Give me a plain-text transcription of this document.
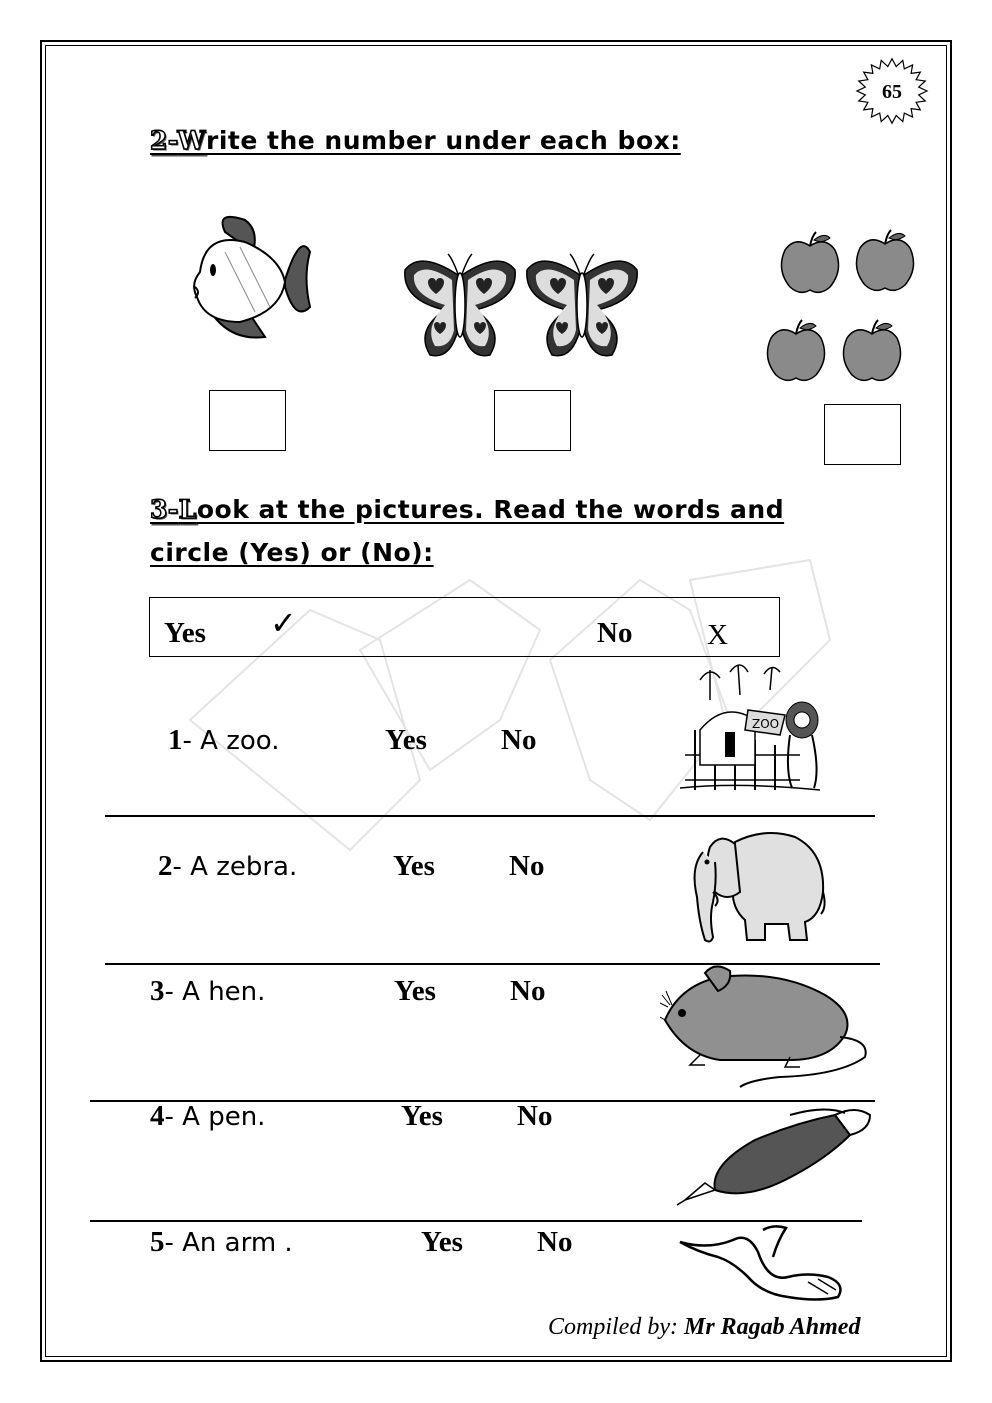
65
2-Write the number under each box:
3-Look at the pictures. Read the words and
circle (Yes) or (No):
Yes ✓	No	X
1- A zoo.	Yes	No	ZOO
2- A zebra.	Yes	No
3- A hen.	Yes	No
4- A pen.	Yes	No
5- An arm .	Yes	No
Compiled by: Mr Ragab Ahmed
